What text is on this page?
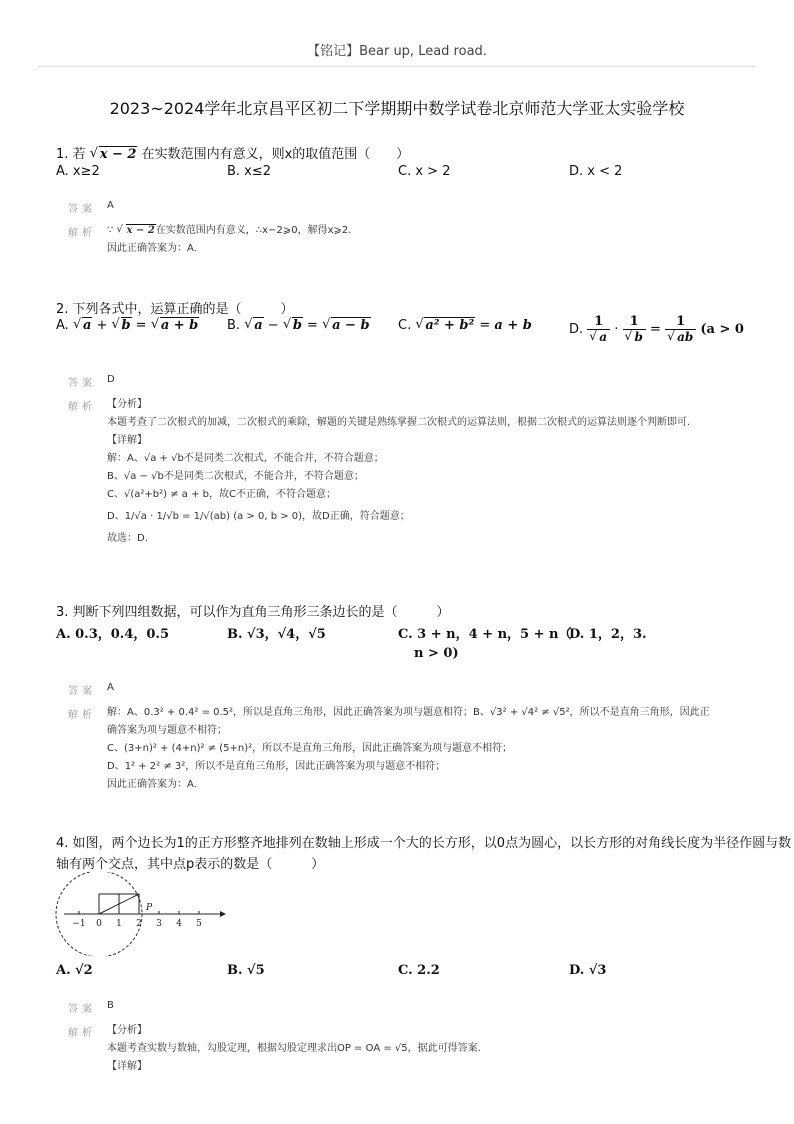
【铭记】Bear up, Lead road.
2023~2024学年北京昌平区初二下学期期中数学试卷北京师范大学亚太实验学校
1. 若 √ x − 2 在实数范围内有意义，则x的取值范围（　　）
A. x≥2	B. x≤2	C. x > 2	D. x < 2
答案 A
解析 ∵ √ x − 2在实数范围内有意义，∴x−2⩾0，解得x⩾2.
因此正确答案为：A.
2. 下列各式中，运算正确的是（　　　）
A. √ a + √ b = √ a + b B. √ a − √ b = √ a − b C. √ a² + b² = a + b	D. 1
√ a · 1
√ b = 1
√ ab (a > 0
答案 D
解析 【分析】
本题考查了二次根式的加减，二次根式的乘除，解题的关键是熟练掌握二次根式的运算法则，根据二次根式的运算法则逐个判断即可.
【详解】
解：A、√a + √b不是同类二次根式，不能合并，不符合题意；
B、√a − √b不是同类二次根式，不能合并，不符合题意；
C、√(a²+b²) ≠ a + b，故C不正确，不符合题意；
D、1/√a · 1/√b = 1/√(ab) (a > 0, b > 0)，故D正确，符合题意；
故选：D.
3. 判断下列四组数据，可以作为直角三角形三条边长的是（　　　）
A. 0.3，0.4，0.5	B. √3，√4，√5	C. 3 + n，4 + n，5 + n（
n > 0)
D. 1，2，3.
答案 A
解析 解：A、0.3² + 0.4² = 0.5²，所以是直角三角形，因此正确答案为项与题意相符；B、√3² + √4² ≠ √5²，所以不是直角三角形，因此正
确答案为项与题意不相符；
C、(3+n)² + (4+n)² ≠ (5+n)²，所以不是直角三角形，因此正确答案为项与题意不相符；
D、1² + 2² ≠ 3²，所以不是直角三角形，因此正确答案为项与题意不相符；
因此正确答案为：A.
4. 如图，两个边长为1的正方形整齐地排列在数轴上形成一个大的长方形，以0点为圆心，以长方形的对角线长度为半径作圆与数
轴有两个交点，其中点p表示的数是（　　　）
−1 0 1 2 3 4 5
P
A. √2	B. √5	C. 2.2	D. √3
答案 B
解析 【分析】
本题考查实数与数轴，勾股定理，根据勾股定理求出OP = OA = √5，据此可得答案.
【详解】
